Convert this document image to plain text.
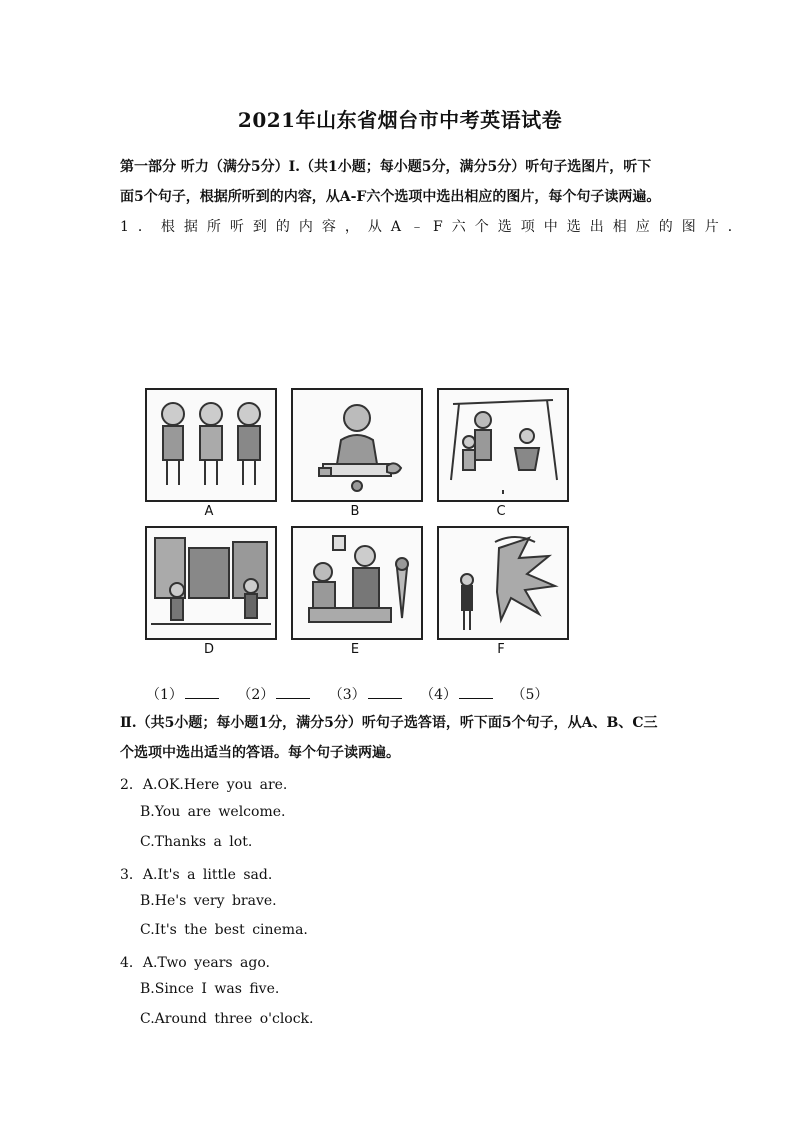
2021年山东省烟台市中考英语试卷
第一部分 听力（满分5分）Ⅰ.（共1小题；每小题5分，满分5分）听句子选图片，听下
面5个句子，根据所听到的内容，从A-F六个选项中选出相应的图片，每个句子读两遍。
1．根据所听到的内容，从A﹣F六个选项中选出相应的图片．
A	B	C
D	E	F
（1）	（2）	（3）	（4）	（5）
Ⅱ.（共5小题；每小题1分，满分5分）听句子选答语，听下面5个句子，从A、B、C三
个选项中选出适当的答语。每个句子读两遍。
2．A.OK.Here you are.
B.You are welcome.
C.Thanks a lot.
3．A.It's a little sad.
B.He's very brave.
C.It's the best cinema.
4．A.Two years ago.
B.Since I was five.
C.Around three o'clock.
